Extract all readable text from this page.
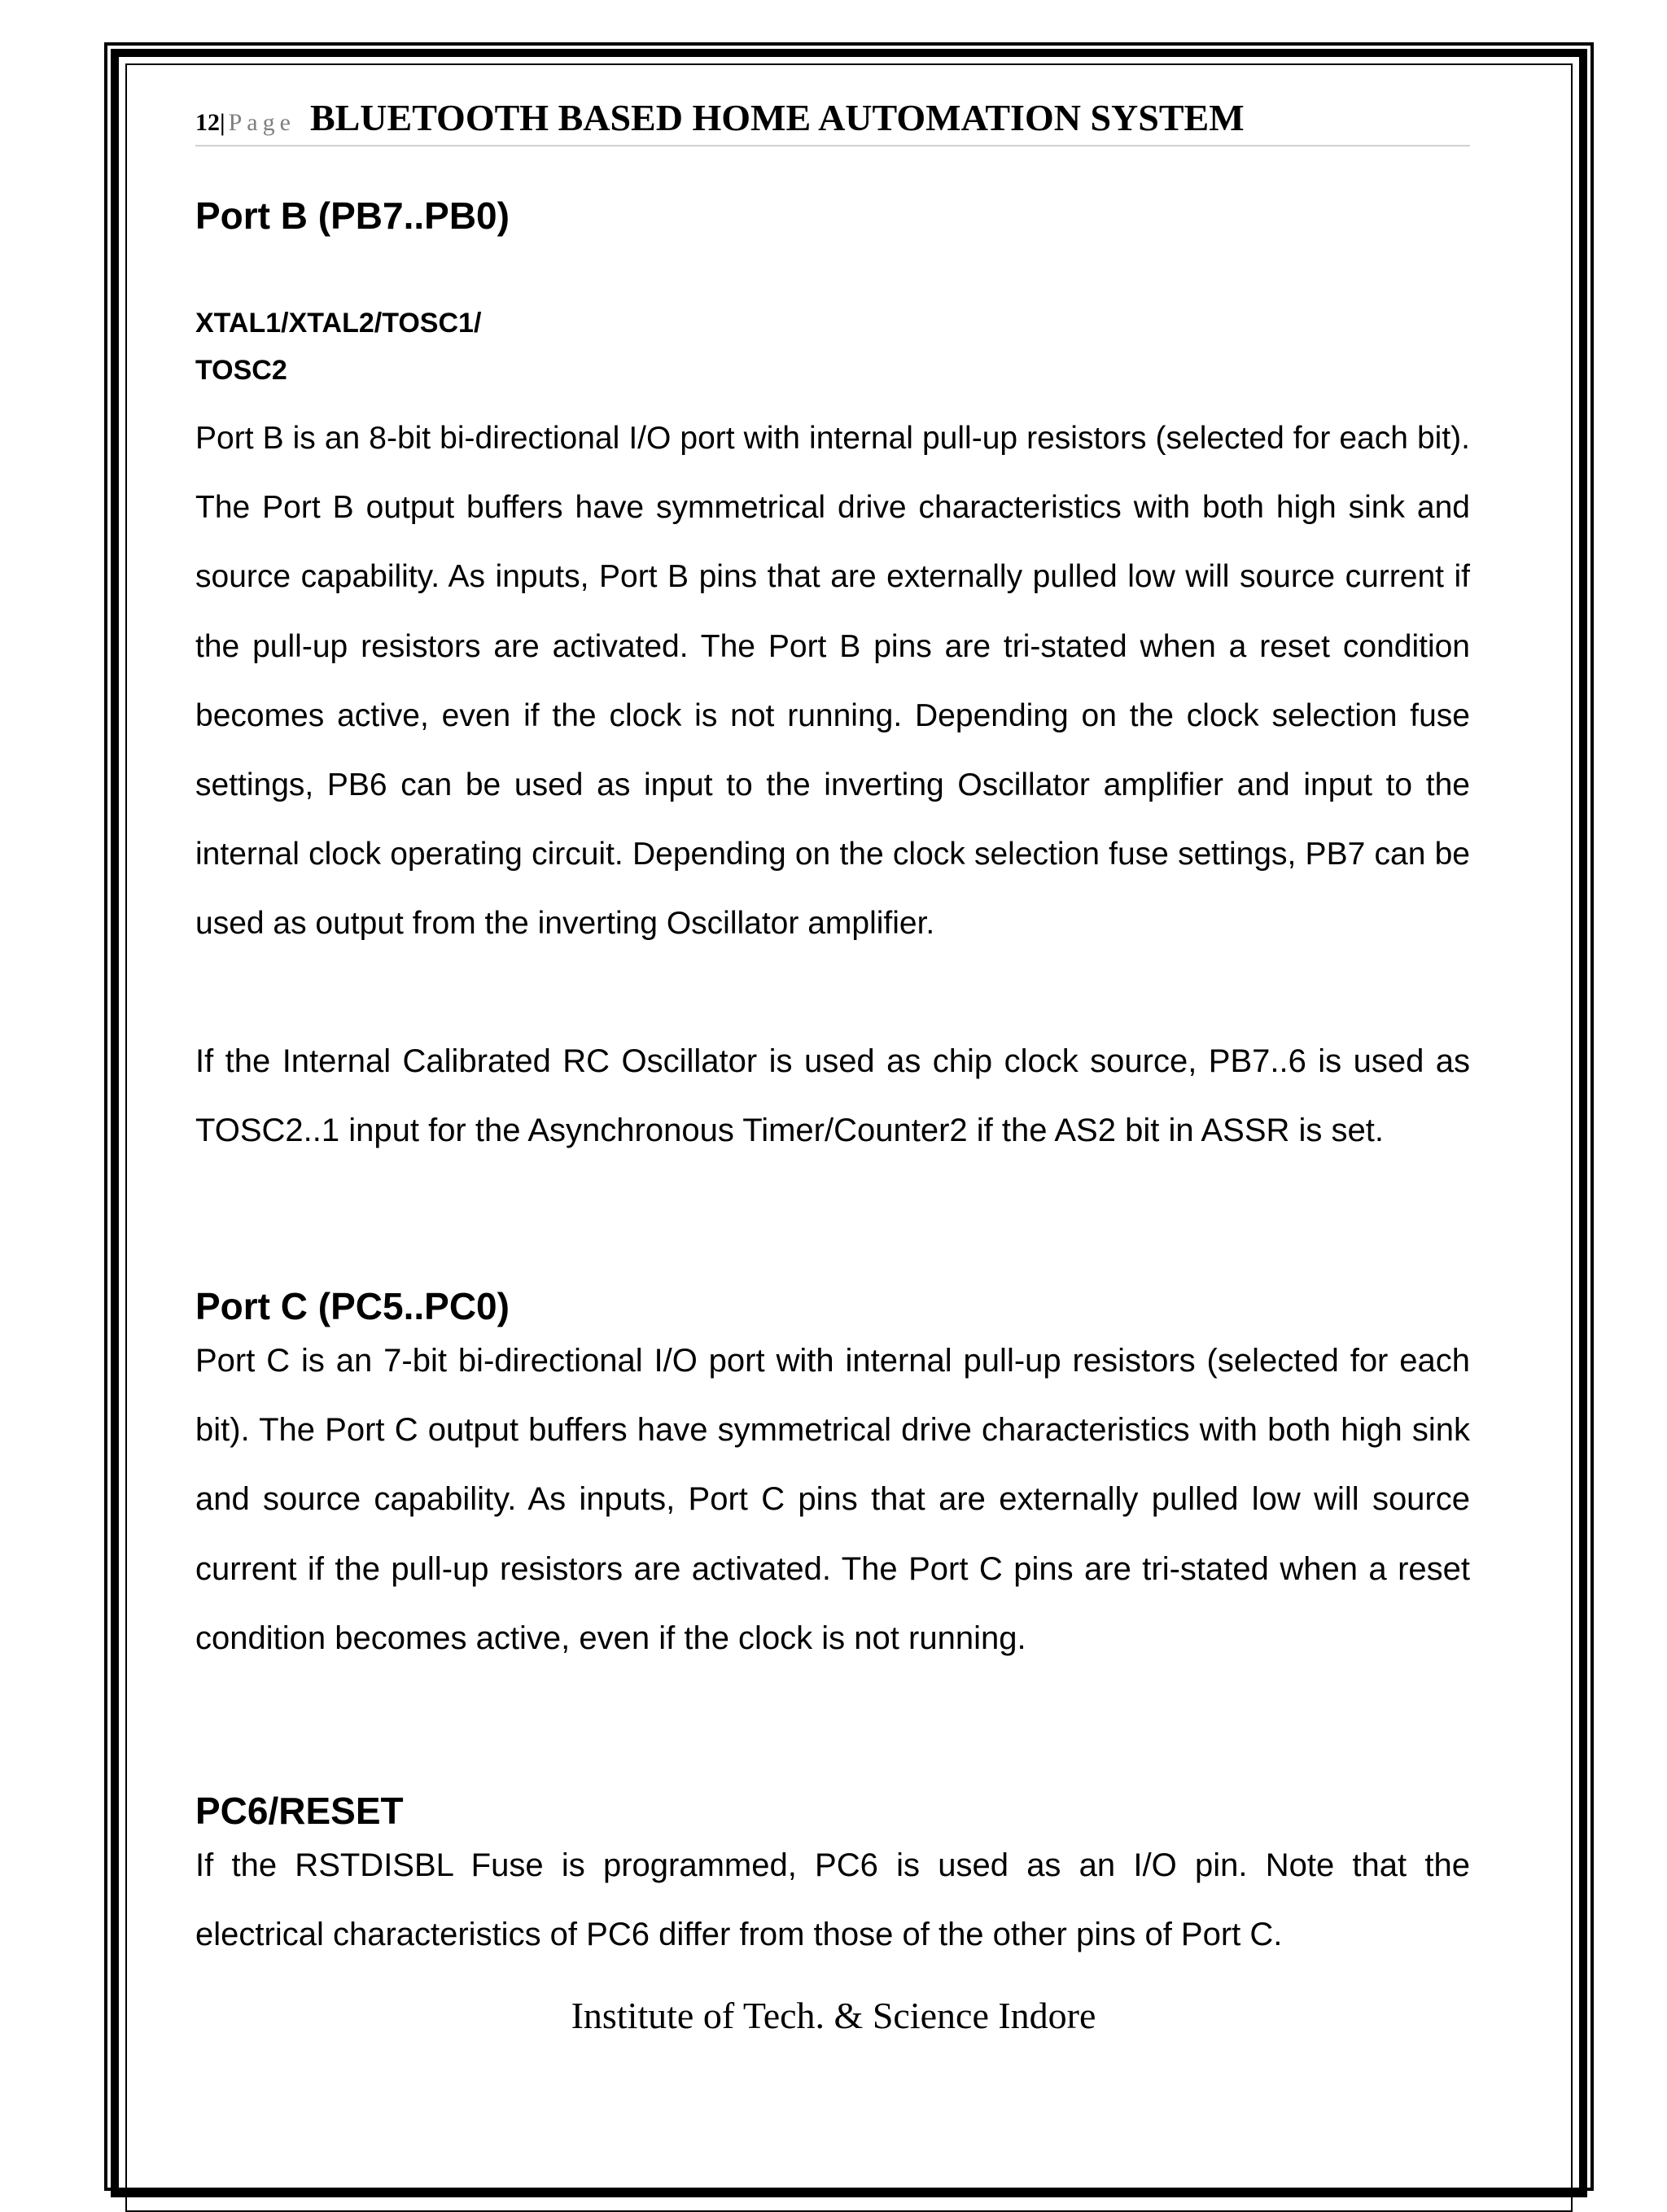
12| Page BLUETOOTH BASED HOME AUTOMATION SYSTEM
Port B (PB7..PB0)
XTAL1/XTAL2/TOSC1/
TOSC2

Port B is an 8-bit bi-directional I/O port with internal pull-up resistors (selected for each bit). The Port B output buffers have symmetrical drive characteristics with both high sink and source capability. As inputs, Port B pins that are externally pulled low will source current if the pull-up resistors are activated. The Port B pins are tri-stated when a reset condition becomes active, even if the clock is not running. Depending on the clock selection fuse settings, PB6 can be used as input to the inverting Oscillator amplifier and input to the internal clock operating circuit. Depending on the clock selection fuse settings, PB7 can be used as output from the inverting Oscillator amplifier.

If the Internal Calibrated RC Oscillator is used as chip clock source, PB7..6 is used as TOSC2..1 input for the Asynchronous Timer/Counter2 if the AS2 bit in ASSR is set.

Port C (PC5..PC0)

Port C is an 7-bit bi-directional I/O port with internal pull-up resistors (selected for each bit). The Port C output buffers have symmetrical drive characteristics with both high sink and source capability. As inputs, Port C pins that are externally pulled low will source current if the pull-up resistors are activated. The Port C pins are tri-stated when a reset condition becomes active, even if the clock is not running.

PC6/RESET

If the RSTDISBL Fuse is programmed, PC6 is used as an I/O pin. Note that the electrical characteristics of PC6 differ from those of the other pins of Port C.

Institute of Tech. & Science Indore
